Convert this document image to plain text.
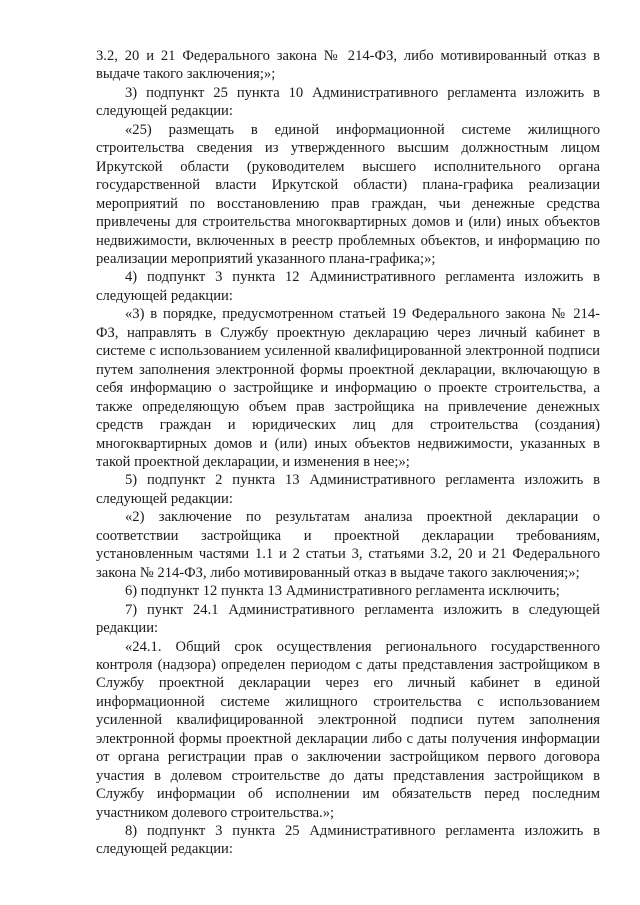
3.2, 20 и 21 Федерального закона № 214-ФЗ, либо мотивированный отказ в выдаче такого заключения;»;

3) подпункт 25 пункта 10 Административного регламента изложить в следующей редакции:

«25) размещать в единой информационной системе жилищного строительства сведения из утвержденного высшим должностным лицом Иркутской области (руководителем высшего исполнительного органа государственной власти Иркутской области) плана-графика реализации мероприятий по восстановлению прав граждан, чьи денежные средства привлечены для строительства многоквартирных домов и (или) иных объектов недвижимости, включенных в реестр проблемных объектов, и информацию по реализации мероприятий указанного плана-графика;»;

4) подпункт 3 пункта 12 Административного регламента изложить в следующей редакции:

«3) в порядке, предусмотренном статьей 19 Федерального закона № 214-ФЗ, направлять в Службу проектную декларацию через личный кабинет в системе с использованием усиленной квалифицированной электронной подписи путем заполнения электронной формы проектной декларации, включающую в себя информацию о застройщике и информацию о проекте строительства, а также определяющую объем прав застройщика на привлечение денежных средств граждан и юридических лиц для строительства (создания) многоквартирных домов и (или) иных объектов недвижимости, указанных в такой проектной декларации, и изменения в нее;»;

5) подпункт 2 пункта 13 Административного регламента изложить в следующей редакции:

«2) заключение по результатам анализа проектной декларации о соответствии застройщика и проектной декларации требованиям, установленным частями 1.1 и 2 статьи 3, статьями 3.2, 20 и 21 Федерального закона № 214-ФЗ, либо мотивированный отказ в выдаче такого заключения;»;

6) подпункт 12 пункта 13 Административного регламента исключить;

7) пункт 24.1 Административного регламента изложить в следующей редакции:

«24.1. Общий срок осуществления регионального государственного контроля (надзора) определен периодом с даты представления застройщиком в Службу проектной декларации через его личный кабинет в единой информационной системе жилищного строительства с использованием усиленной квалифицированной электронной подписи путем заполнения электронной формы проектной декларации либо с даты получения информации от органа регистрации прав о заключении застройщиком первого договора участия в долевом строительстве до даты представления застройщиком в Службу информации об исполнении им обязательств перед последним участником долевого строительства.»;

8) подпункт 3 пункта 25 Административного регламента изложить в следующей редакции:
